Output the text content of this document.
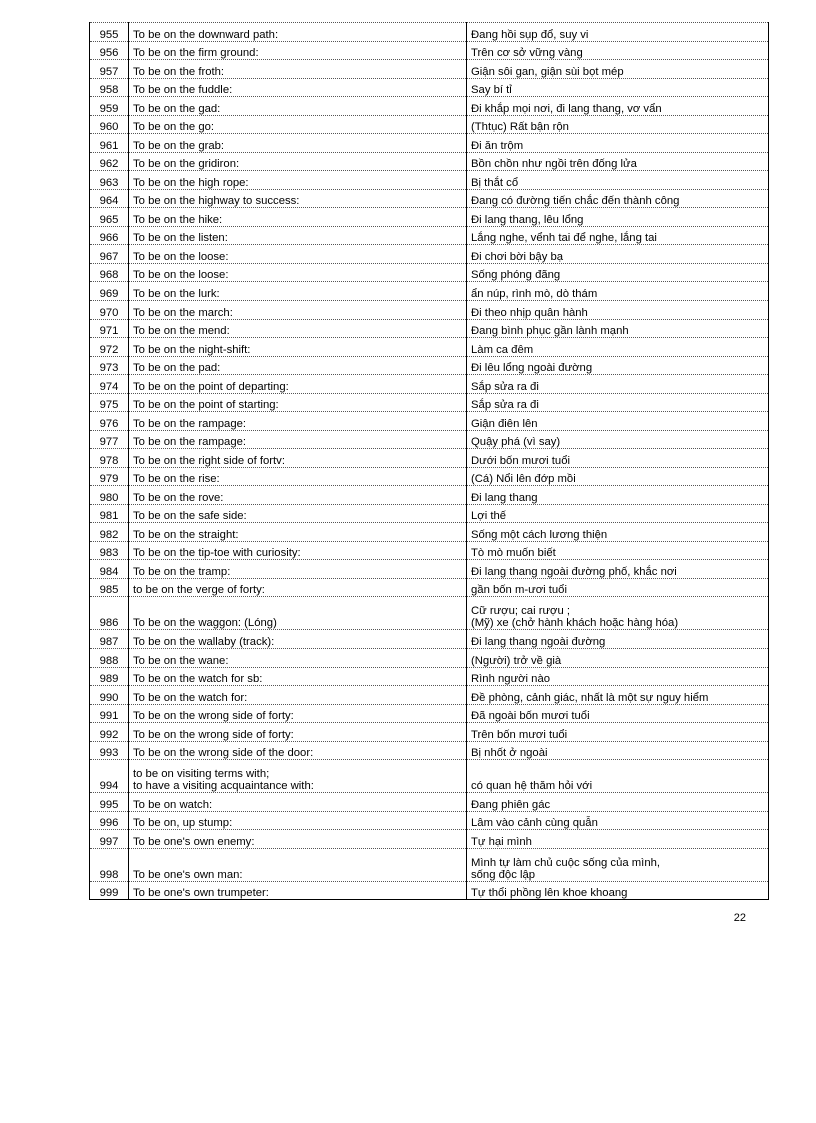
955	To be on the downward path:	Đang hồi sụp đổ, suy vi
956	To be on the firm ground:	Trên cơ sở vững vàng
957	To be on the froth:	Giận sôi gan, giận sùi bọt mép
958	To be on the fuddle:	Say bí tỉ
959	To be on the gad:	Đi khắp mọi nơi, đi lang thang, vơ vẩn
960	To be on the go:	(Thtục) Rất bận rộn
961	To be on the grab:	Đi ăn trộm
962	To be on the gridiron:	Bồn chồn như ngồi trên đống lửa
963	To be on the high rope:	Bị thắt cổ
964	To be on the highway to success:	Đang có đường tiến chắc đến thành công
965	To be on the hike:	Đi lang thang, lêu lổng
966	To be on the listen:	Lắng nghe, vểnh tai để nghe, lắng tai
967	To be on the loose:	Đi chơi bời bậy bạ
968	To be on the loose:	Sống phóng đãng
969	To be on the lurk:	ẩn núp, rình mò, dò thám
970	To be on the march:	Đi theo nhịp quân hành
971	To be on the mend:	Đang bình phục gần lành mạnh
972	To be on the night-shift:	Làm ca đêm
973	To be on the pad:	Đi lêu lổng ngoài đường
974	To be on the point of departing:	Sắp sửa ra đi
975	To be on the point of starting:	Sắp sửa ra đi
976	To be on the rampage:	Giận điên lên
977	To be on the rampage:	Quậy phá (vì say)
978	To be on the right side of fortv:	Dưới bốn mươi tuổi
979	To be on the rise:	(Cá) Nổi lên đớp mồi
980	To be on the rove:	Đi lang thang
981	To be on the safe side:	Lợi thế
982	To be on the straight:	Sống một cách lương thiện
983	To be on the tip-toe with curiosity:	Tò mò muốn biết
984	To be on the tramp:	Đi lang thang ngoài đường phố, khắc nơi
985	to be on the verge of forty:	gần bốn m-ươi tuổi
986	To be on the waggon: (Lóng)	Cữ rượu; cai rượu ;
(Mỹ) xe (chở hành khách hoặc hàng hóa)
987	To be on the wallaby (track):	Đi lang thang ngoài đường
988	To be on the wane:	(Người) trở về già
989	To be on the watch for sb:	Rình người nào
990	To be on the watch for:	Đề phòng, cảnh giác, nhất là một sự nguy hiểm
991	To be on the wrong side of forty:	Đã ngoài bốn mươi tuổi
992	To be on the wrong side of forty:	Trên bốn mươi tuổi
993	To be on the wrong side of the door:	Bị nhốt ở ngoài
994	to be on visiting terms with;
to have a visiting acquaintance with:	có quan hệ thăm hỏi với
995	To be on watch:	Đang phiên gác
996	To be on, up stump:	Lâm vào cảnh cùng quẫn
997	To be one's own enemy:	Tự hại mình
998	To be one's own man:	Mình tự làm chủ cuộc sống của mình,
sống độc lập
999	To be one's own trumpeter:	Tự thổi phồng lên khoe khoang
22
